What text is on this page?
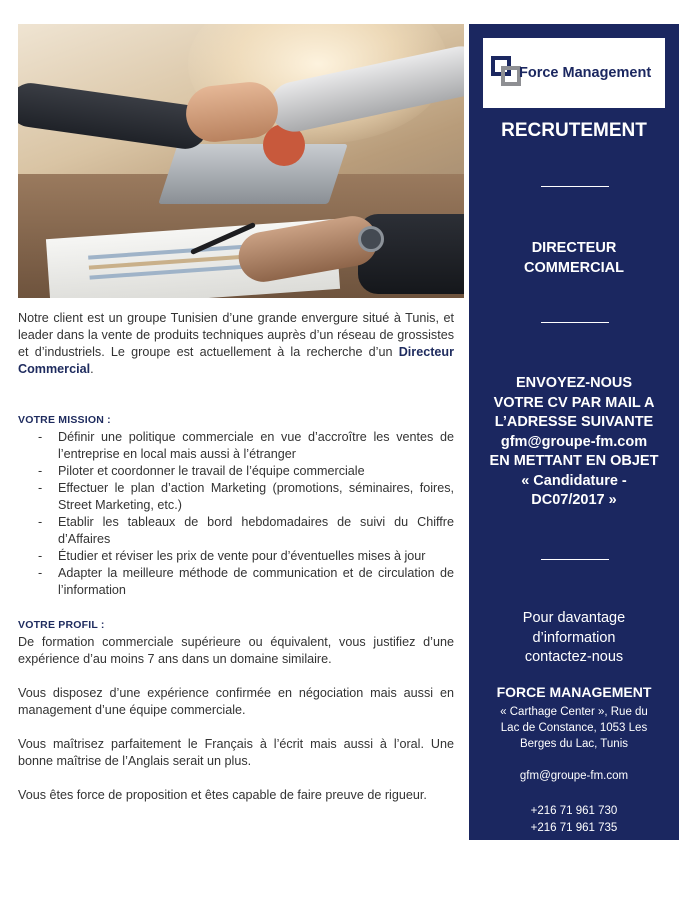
Notre client est un groupe Tunisien d’une grande envergure situé à Tunis, et leader dans la vente de produits techniques auprès d’un réseau de grossistes et d’industriels. Le groupe est actuellement à la recherche d’un Directeur Commercial.

VOTRE MISSION :
- Définir une politique commerciale en vue d’accroître les ventes de l’entreprise en local mais aussi à l’étranger
- Piloter et coordonner le travail de l’équipe commerciale
- Effectuer le plan d’action Marketing (promotions, séminaires, foires, Street Marketing, etc.)
- Etablir les tableaux de bord hebdomadaires de suivi du Chiffre d’Affaires
- Étudier et réviser les prix de vente pour d’éventuelles mises à jour
- Adapter la meilleure méthode de communication et de circulation de l’information
VOTRE PROFIL :

De formation commerciale supérieure ou équivalent, vous justifiez d’une expérience d’au moins 7 ans dans un domaine similaire.

Vous disposez d’une expérience confirmée en négociation mais aussi en management d’une équipe commerciale.

Vous maîtrisez parfaitement le Français à l’écrit mais aussi à l’oral. Une bonne maîtrise de l’Anglais serait un plus.

Vous êtes force de proposition et êtes capable de faire preuve de rigueur.

Force Management
RECRUTEMENT
DIRECTEUR
COMMERCIAL
ENVOYEZ-NOUS
VOTRE CV PAR MAIL A
L’ADRESSE SUIVANTE
gfm@groupe-fm.com
EN METTANT EN OBJET
« Candidature -
DC07/2017 »
Pour davantage
d’information
contactez-nous
FORCE MANAGEMENT
« Carthage Center », Rue du
Lac de Constance, 1053 Les
Berges du Lac, Tunis
gfm@groupe-fm.com
+216 71 961 730
+216 71 961 735
